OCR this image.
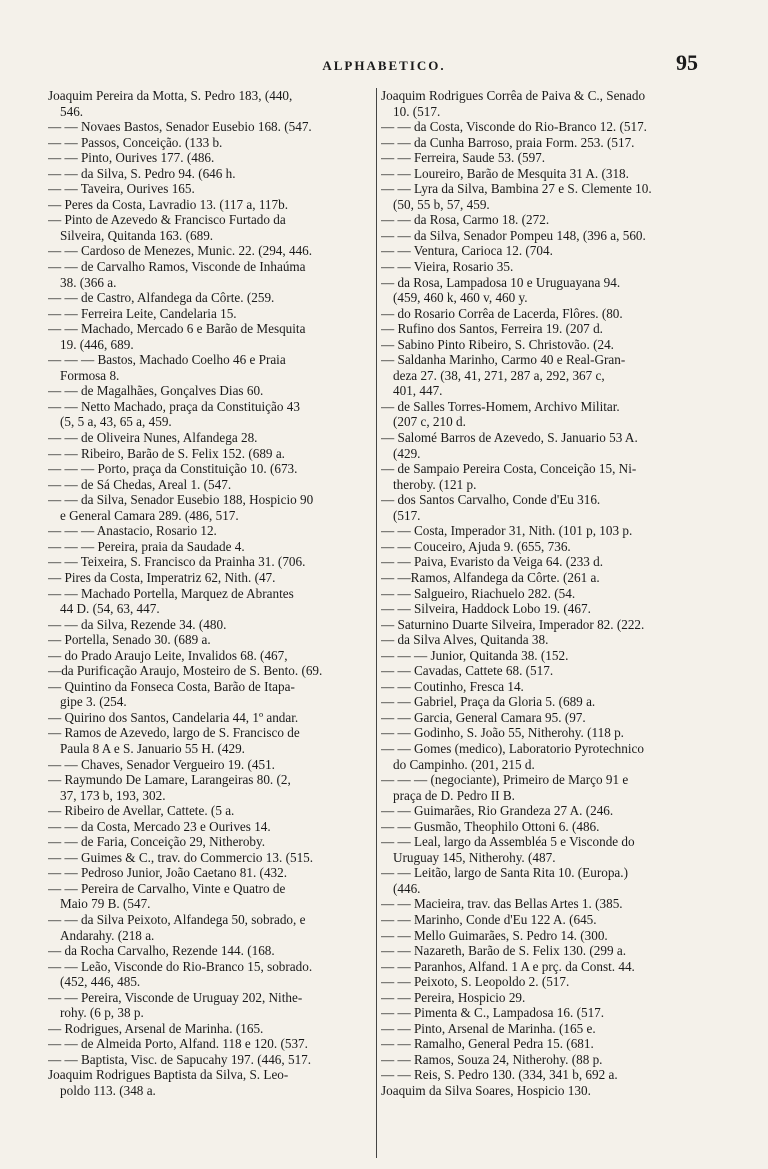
ALPHABETICO.	95
Joaquim Pereira da Motta, S. Pedro 183, (440,
546.
— — Novaes Bastos, Senador Eusebio 168. (547.
— — Passos, Conceição. (133 b.
— — Pinto, Ourives 177. (486.
— — da Silva, S. Pedro 94. (646 h.
— — Taveira, Ourives 165.
— Peres da Costa, Lavradio 13. (117 a, 117b.
— Pinto de Azevedo & Francisco Furtado da
Silveira, Quitanda 163. (689.
— — Cardoso de Menezes, Munic. 22. (294, 446.
— — de Carvalho Ramos, Visconde de Inhaúma
38. (366 a.
— — de Castro, Alfandega da Côrte. (259.
— — Ferreira Leite, Candelaria 15.
— — Machado, Mercado 6 e Barão de Mesquita
19. (446, 689.
— — — Bastos, Machado Coelho 46 e Praia
Formosa 8.
— — de Magalhães, Gonçalves Dias 60.
— — Netto Machado, praça da Constituição 43
(5, 5 a, 43, 65 a, 459.
— — de Oliveira Nunes, Alfandega 28.
— — Ribeiro, Barão de S. Felix 152. (689 a.
— — — Porto, praça da Constituição 10. (673.
— — de Sá Chedas, Areal 1. (547.
— — da Silva, Senador Eusebio 188, Hospicio 90
e General Camara 289. (486, 517.
— — — Anastacio, Rosario 12.
— — — Pereira, praia da Saudade 4.
— — Teixeira, S. Francisco da Prainha 31. (706.
— Pires da Costa, Imperatriz 62, Nith. (47.
— — Machado Portella, Marquez de Abrantes
44 D. (54, 63, 447.
— — da Silva, Rezende 34. (480.
— Portella, Senado 30. (689 a.
— do Prado Araujo Leite, Invalidos 68. (467,
—da Purificação Araujo, Mosteiro de S. Bento. (69.
— Quintino da Fonseca Costa, Barão de Itapa-
gipe 3. (254.
— Quirino dos Santos, Candelaria 44, 1º andar.
— Ramos de Azevedo, largo de S. Francisco de
Paula 8 A e S. Januario 55 H. (429.
— — Chaves, Senador Vergueiro 19. (451.
— Raymundo De Lamare, Larangeiras 80. (2,
37, 173 b, 193, 302.
— Ribeiro de Avellar, Cattete. (5 a.
— — da Costa, Mercado 23 e Ourives 14.
— — de Faria, Conceição 29, Nitheroby.
— — Guimes & C., trav. do Commercio 13. (515.
— — Pedroso Junior, João Caetano 81. (432.
— — Pereira de Carvalho, Vinte e Quatro de
Maio 79 B. (547.
— — da Silva Peixoto, Alfandega 50, sobrado, e
Andarahy. (218 a.
— da Rocha Carvalho, Rezende 144. (168.
— — Leão, Visconde do Rio-Branco 15, sobrado.
(452, 446, 485.
— — Pereira, Visconde de Uruguay 202, Nithe-
rohy. (6 p, 38 p.
— Rodrigues, Arsenal de Marinha. (165.
— — de Almeida Porto, Alfand. 118 e 120. (537.
— — Baptista, Visc. de Sapucahy 197. (446, 517.
Joaquim Rodrigues Baptista da Silva, S. Leo-
poldo 113. (348 a.
Joaquim Rodrigues Corrêa de Paiva & C., Senado
10. (517.
— — da Costa, Visconde do Rio-Branco 12. (517.
— — da Cunha Barroso, praia Form. 253. (517.
— — Ferreira, Saude 53. (597.
— — Loureiro, Barão de Mesquita 31 A. (318.
— — Lyra da Silva, Bambina 27 e S. Clemente 10.
(50, 55 b, 57, 459.
— — da Rosa, Carmo 18. (272.
— — da Silva, Senador Pompeu 148, (396 a, 560.
— — Ventura, Carioca 12. (704.
— — Vieira, Rosario 35.
— da Rosa, Lampadosa 10 e Uruguayana 94.
(459, 460 k, 460 v, 460 y.
— do Rosario Corrêa de Lacerda, Flôres. (80.
— Rufino dos Santos, Ferreira 19. (207 d.
— Sabino Pinto Ribeiro, S. Christovão. (24.
— Saldanha Marinho, Carmo 40 e Real-Gran-
deza 27. (38, 41, 271, 287 a, 292, 367 c,
401, 447.
— de Salles Torres-Homem, Archivo Militar.
(207 c, 210 d.
— Salomé Barros de Azevedo, S. Januario 53 A.
(429.
— de Sampaio Pereira Costa, Conceição 15, Ni-
theroby. (121 p.
— dos Santos Carvalho, Conde d'Eu 316.
(517.
— — Costa, Imperador 31, Nith. (101 p, 103 p.
— — Couceiro, Ajuda 9. (655, 736.
— — Paiva, Evaristo da Veiga 64. (233 d.
— —Ramos, Alfandega da Côrte. (261 a.
— — Salgueiro, Riachuelo 282. (54.
— — Silveira, Haddock Lobo 19. (467.
— Saturnino Duarte Silveira, Imperador 82. (222.
— da Silva Alves, Quitanda 38.
— — — Junior, Quitanda 38. (152.
— — Cavadas, Cattete 68. (517.
— — Coutinho, Fresca 14.
— — Gabriel, Praça da Gloria 5. (689 a.
— — Garcia, General Camara 95. (97.
— — Godinho, S. João 55, Nitherohy. (118 p.
— — Gomes (medico), Laboratorio Pyrotechnico
do Campinho. (201, 215 d.
— — — (negociante), Primeiro de Março 91 e
praça de D. Pedro II B.
— — Guimarães, Rio Grandeza 27 A. (246.
— — Gusmão, Theophilo Ottoni 6. (486.
— — Leal, largo da Assembléa 5 e Visconde do
Uruguay 145, Nitherohy. (487.
— — Leitão, largo de Santa Rita 10. (Europa.)
(446.
— — Macieira, trav. das Bellas Artes 1. (385.
— — Marinho, Conde d'Eu 122 A. (645.
— — Mello Guimarães, S. Pedro 14. (300.
— — Nazareth, Barão de S. Felix 130. (299 a.
— — Paranhos, Alfand. 1 A e prç. da Const. 44.
— — Peixoto, S. Leopoldo 2. (517.
— — Pereira, Hospicio 29.
— — Pimenta & C., Lampadosa 16. (517.
— — Pinto, Arsenal de Marinha. (165 e.
— — Ramalho, General Pedra 15. (681.
— — Ramos, Souza 24, Nitherohy. (88 p.
— — Reis, S. Pedro 130. (334, 341 b, 692 a.
Joaquim da Silva Soares, Hospicio 130.
